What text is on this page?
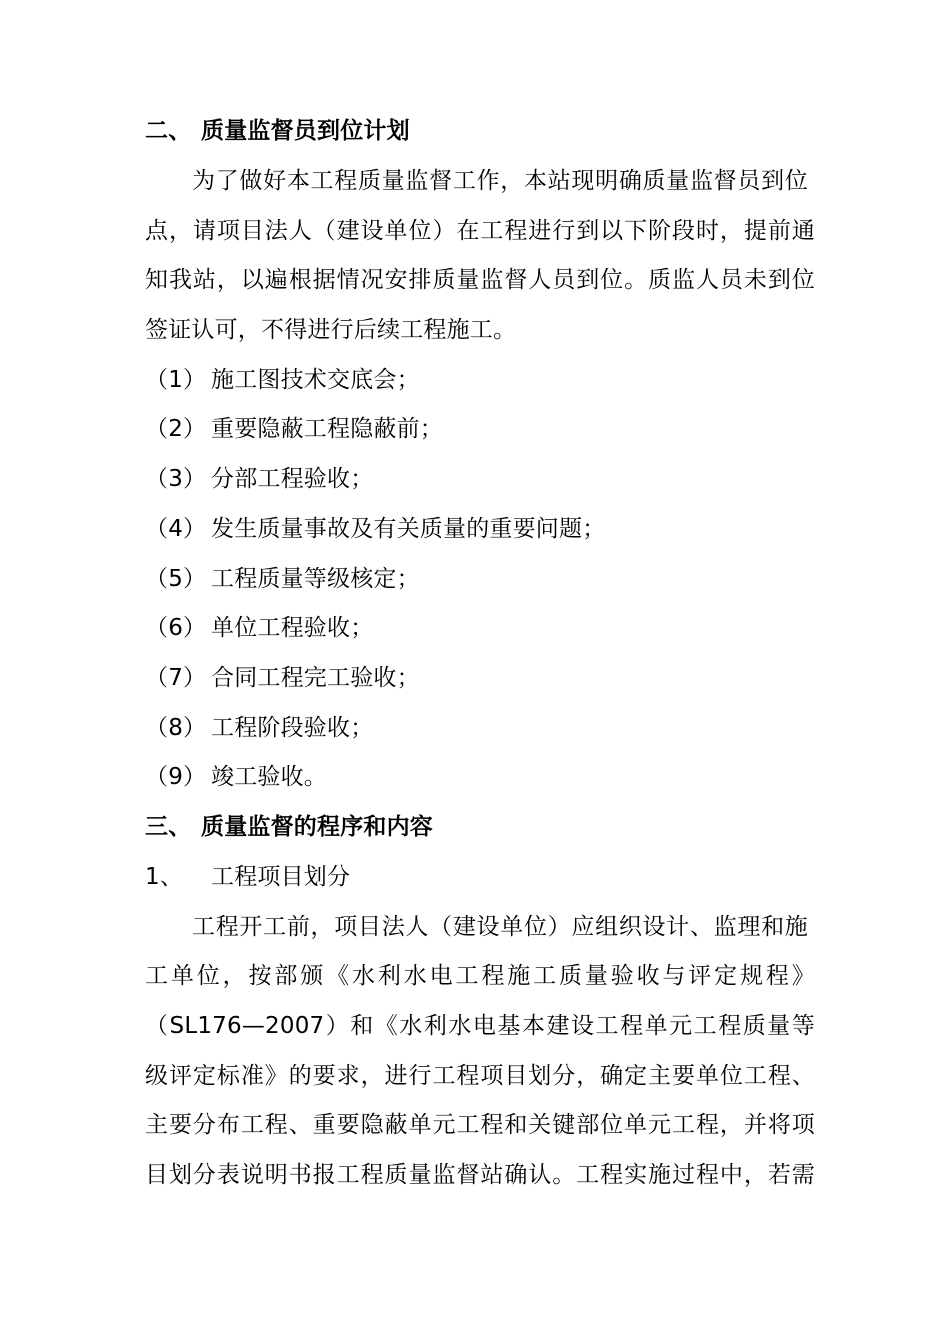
二、 质量监督员到位计划
为了做好本工程质量监督工作，本站现明确质量监督员到位
点，请项目法人（建设单位）在工程进行到以下阶段时，提前通
知我站，以遍根据情况安排质量监督人员到位。质监人员未到位
签证认可，不得进行后续工程施工。
（1） 施工图技术交底会；
（2） 重要隐蔽工程隐蔽前；
（3） 分部工程验收；
（4） 发生质量事故及有关质量的重要问题；
（5） 工程质量等级核定；
（6） 单位工程验收；
（7） 合同工程完工验收；
（8） 工程阶段验收；
（9） 竣工验收。
三、 质量监督的程序和内容
1、 工程项目划分
工程开工前，项目法人（建设单位）应组织设计、监理和施
工单位，按部颁《水利水电工程施工质量验收与评定规程》
（SL176—2007）和《水利水电基本建设工程单元工程质量等
级评定标准》的要求，进行工程项目划分，确定主要单位工程、
主要分布工程、重要隐蔽单元工程和关键部位单元工程，并将项
目划分表说明书报工程质量监督站确认。工程实施过程中，若需
